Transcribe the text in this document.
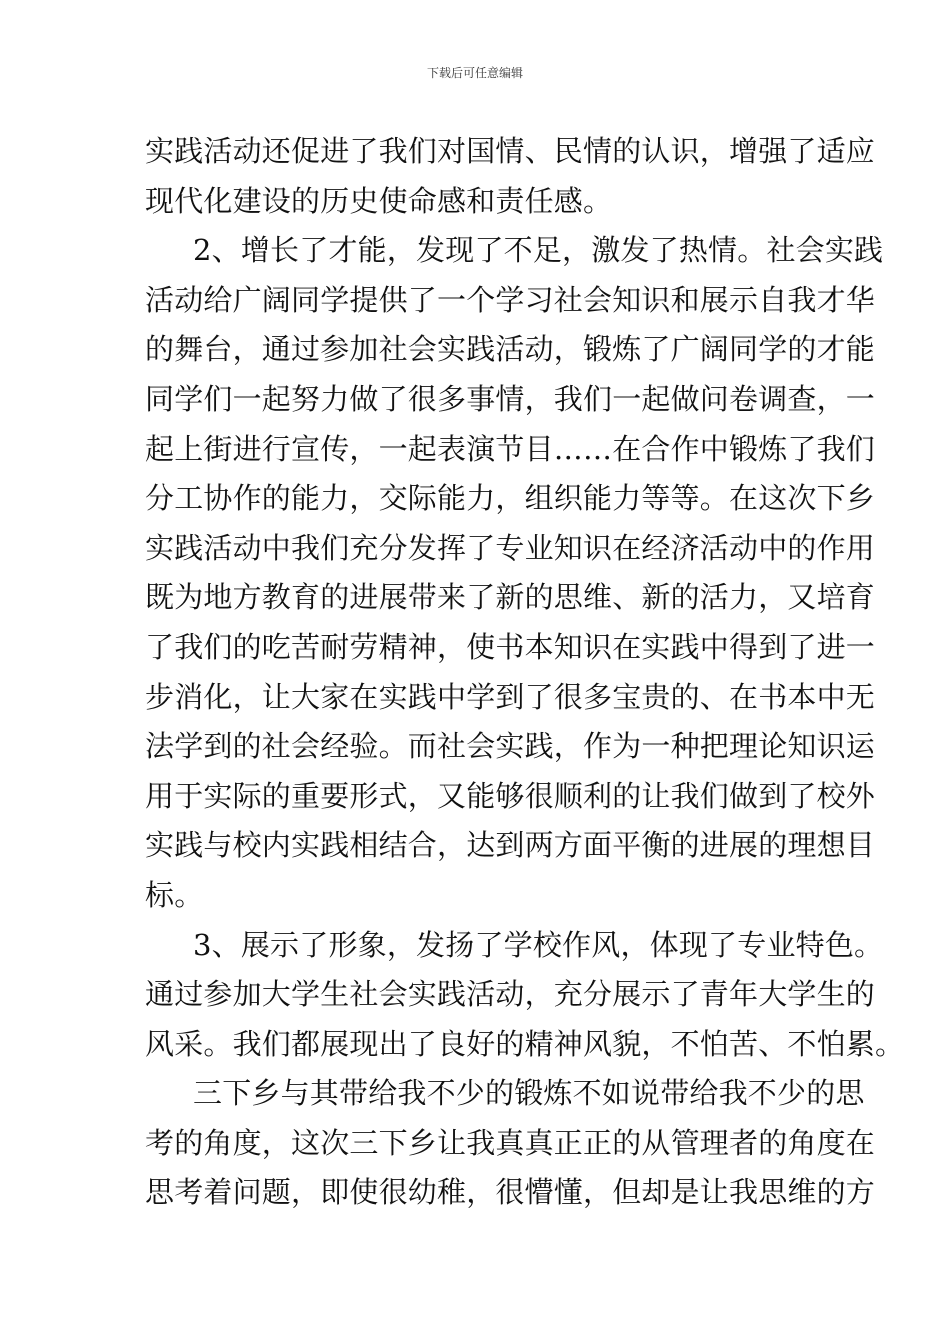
下载后可任意编辑
实践活动还促进了我们对国情、民情的认识，增强了适应
现代化建设的历史使命感和责任感。
2、增长了才能，发现了不足，激发了热情。社会实践
活动给广阔同学提供了一个学习社会知识和展示自我才华
的舞台，通过参加社会实践活动，锻炼了广阔同学的才能
同学们一起努力做了很多事情，我们一起做问卷调查，一
起上街进行宣传，一起表演节目……在合作中锻炼了我们
分工协作的能力，交际能力，组织能力等等。在这次下乡
实践活动中我们充分发挥了专业知识在经济活动中的作用
既为地方教育的进展带来了新的思维、新的活力，又培育
了我们的吃苦耐劳精神，使书本知识在实践中得到了进一
步消化，让大家在实践中学到了很多宝贵的、在书本中无
法学到的社会经验。而社会实践，作为一种把理论知识运
用于实际的重要形式，又能够很顺利的让我们做到了校外
实践与校内实践相结合，达到两方面平衡的进展的理想目
标。
3、展示了形象，发扬了学校作风，体现了专业特色。
通过参加大学生社会实践活动，充分展示了青年大学生的
风采。我们都展现出了良好的精神风貌，不怕苦、不怕累。
三下乡与其带给我不少的锻炼不如说带给我不少的思
考的角度，这次三下乡让我真真正正的从管理者的角度在
思考着问题，即使很幼稚，很懵懂，但却是让我思维的方
